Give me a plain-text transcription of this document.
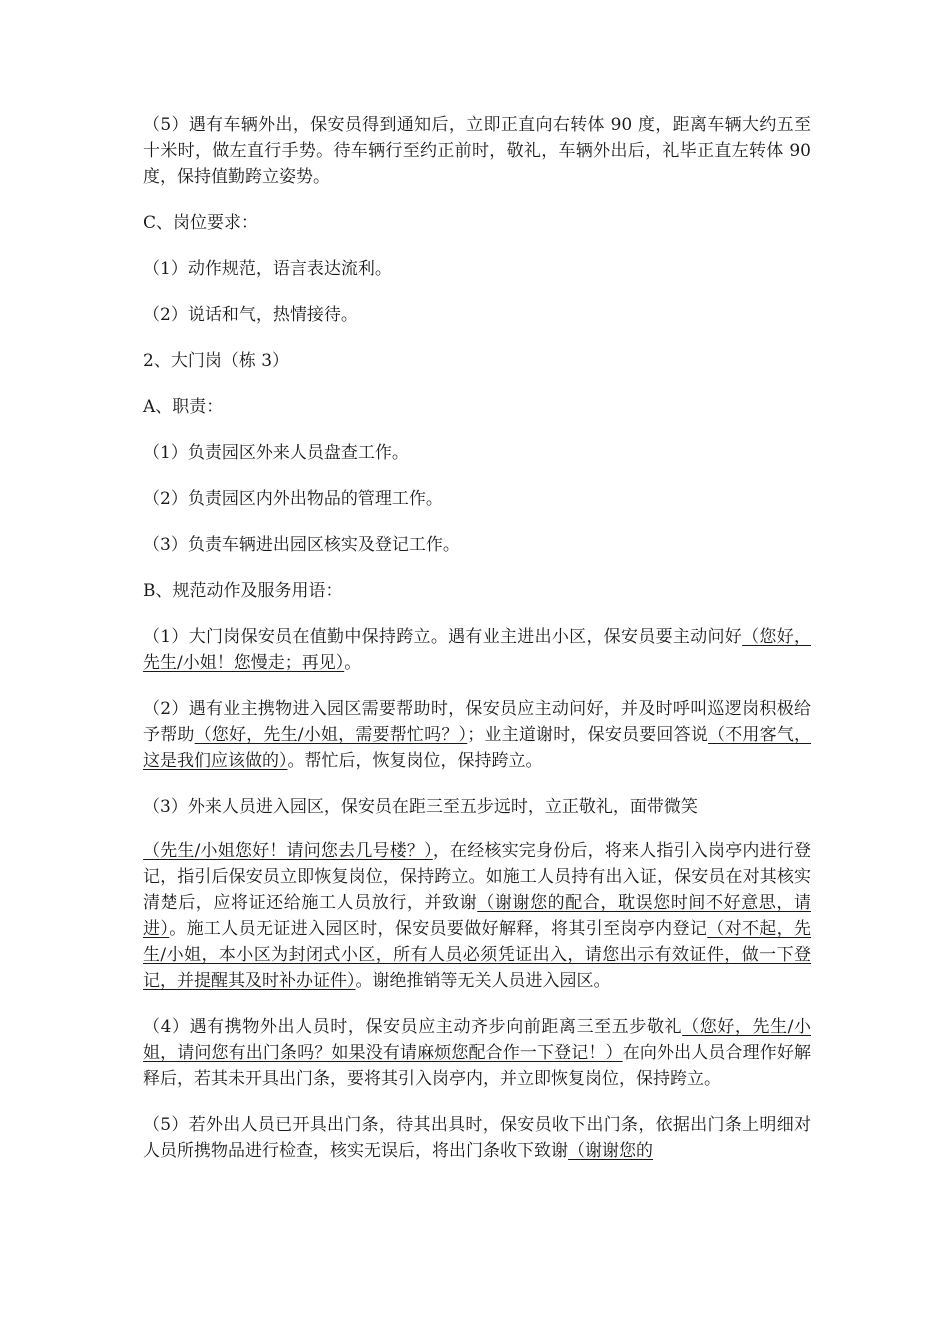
（5）遇有车辆外出，保安员得到通知后，立即正直向右转体 90 度，距离车辆大约五至十米时，做左直行手势。待车辆行至约正前时，敬礼，车辆外出后，礼毕正直左转体 90 度，保持值勤跨立姿势。

C、岗位要求：

（1）动作规范，语言表达流利。

（2）说话和气，热情接待。

2、大门岗（栋 3）

A、职责：

（1）负责园区外来人员盘查工作。

（2）负责园区内外出物品的管理工作。

（3）负责车辆进出园区核实及登记工作。

B、规范动作及服务用语：

（1）大门岗保安员在值勤中保持跨立。遇有业主进出小区，保安员要主动问好（您好，先生/小姐！您慢走；再见）。

（2）遇有业主携物进入园区需要帮助时，保安员应主动问好，并及时呼叫巡逻岗积极给予帮助（您好，先生/小姐，需要帮忙吗？）；业主道谢时，保安员要回答说（不用客气，这是我们应该做的）。帮忙后，恢复岗位，保持跨立。

（3）外来人员进入园区，保安员在距三至五步远时，立正敬礼，面带微笑

（先生/小姐您好！请问您去几号楼？），在经核实完身份后，将来人指引入岗亭内进行登记，指引后保安员立即恢复岗位，保持跨立。如施工人员持有出入证，保安员在对其核实清楚后，应将证还给施工人员放行，并致谢（谢谢您的配合，耽误您时间不好意思，请进）。施工人员无证进入园区时，保安员要做好解释，将其引至岗亭内登记（对不起，先生/小姐，本小区为封闭式小区，所有人员必须凭证出入，请您出示有效证件，做一下登记，并提醒其及时补办证件）。谢绝推销等无关人员进入园区。

（4）遇有携物外出人员时，保安员应主动齐步向前距离三至五步敬礼（您好，先生/小姐，请问您有出门条吗？如果没有请麻烦您配合作一下登记！）在向外出人员合理作好解释后，若其未开具出门条，要将其引入岗亭内，并立即恢复岗位，保持跨立。

（5）若外出人员已开具出门条，待其出具时，保安员收下出门条，依据出门条上明细对人员所携物品进行检查，核实无误后，将出门条收下致谢（谢谢您的
